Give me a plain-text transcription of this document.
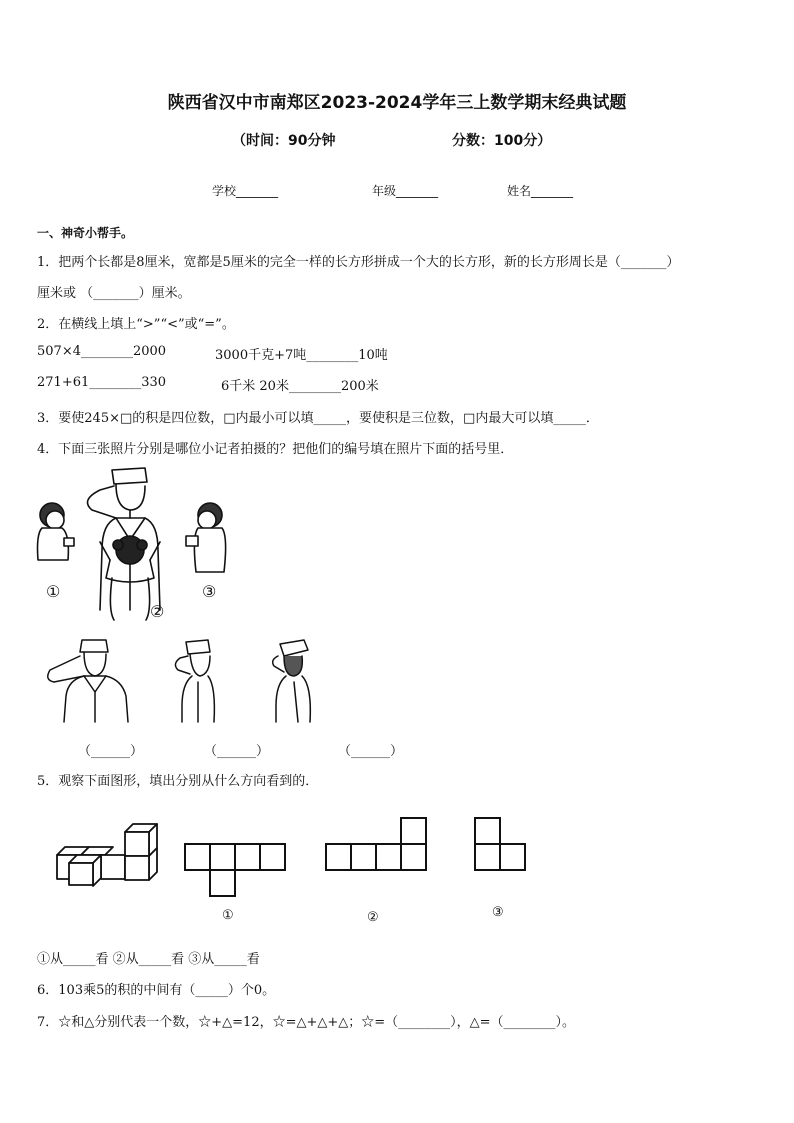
陕西省汉中市南郑区2023-2024学年三上数学期末经典试题
（时间：90分钟	分数：100分）
学校_______	年级_______	姓名_______
一、神奇小帮手。
1．把两个长都是8厘米，宽都是5厘米的完全一样的长方形拼成一个大的长方形，新的长方形周长是（_______）
厘米或 （_______）厘米。
2．在横线上填上“>”“<”或“=”。
507×4________2000	3000千克+7吨________10吨
271+61________330	6千米 20米________200米
3．要使245×□的积是四位数，□内最小可以填_____，要使积是三位数，□内最大可以填_____．
4．下面三张照片分别是哪位小记者拍摄的？把他们的编号填在照片下面的括号里．
①
②
③
（______）	（______）	（______）
5．观察下面图形，填出分别从什么方向看到的．
①	②	③
①从_____看 ②从_____看 ③从_____看
6．103乘5的积的中间有（_____）个0。
7．☆和△分别代表一个数，☆+△=12，☆=△+△+△；☆=（________），△=（________）。
